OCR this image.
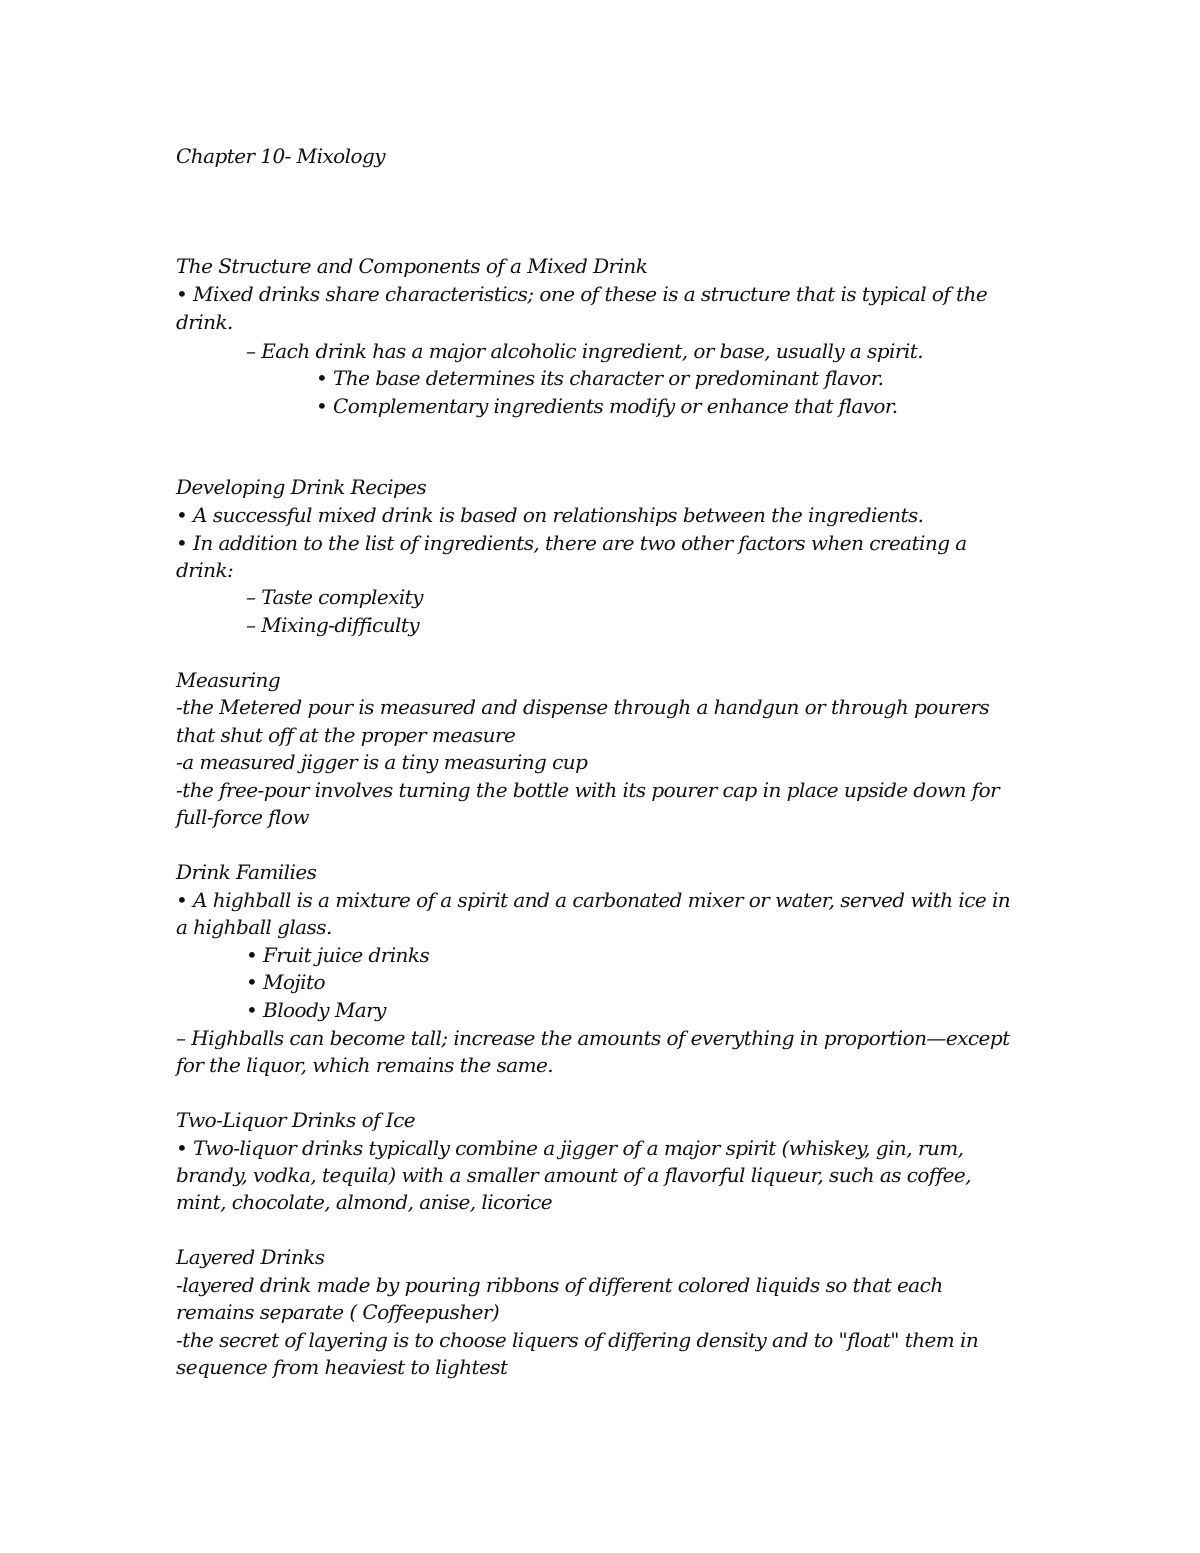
Chapter 10- Mixology
The Structure and Components of a Mixed Drink
• Mixed drinks share characteristics; one of these is a structure that is typical of the
drink.
– Each drink has a major alcoholic ingredient, or base, usually a spirit.
• The base determines its character or predominant flavor.
• Complementary ingredients modify or enhance that flavor.
Developing Drink Recipes
• A successful mixed drink is based on relationships between the ingredients.
• In addition to the list of ingredients, there are two other factors when creating a
drink:
– Taste complexity
– Mixing-difficulty
Measuring
-the Metered pour is measured and dispense through a handgun or through pourers
that shut off at the proper measure
-a measured jigger is a tiny measuring cup
-the free-pour involves turning the bottle with its pourer cap in place upside down for
full-force flow
Drink Families
• A highball is a mixture of a spirit and a carbonated mixer or water, served with ice in
a highball glass.
• Fruit juice drinks
• Mojito
• Bloody Mary
– Highballs can become tall; increase the amounts of everything in proportion—except
for the liquor, which remains the same.
Two-Liquor Drinks of Ice
• Two-liquor drinks typically combine a jigger of a major spirit (whiskey, gin, rum,
brandy, vodka, tequila) with a smaller amount of a flavorful liqueur, such as coffee,
mint, chocolate, almond, anise, licorice
Layered Drinks
-layered drink made by pouring ribbons of different colored liquids so that each
remains separate ( Coffeepusher)
-the secret of layering is to choose liquers of differing density and to "float" them in
sequence from heaviest to lightest
